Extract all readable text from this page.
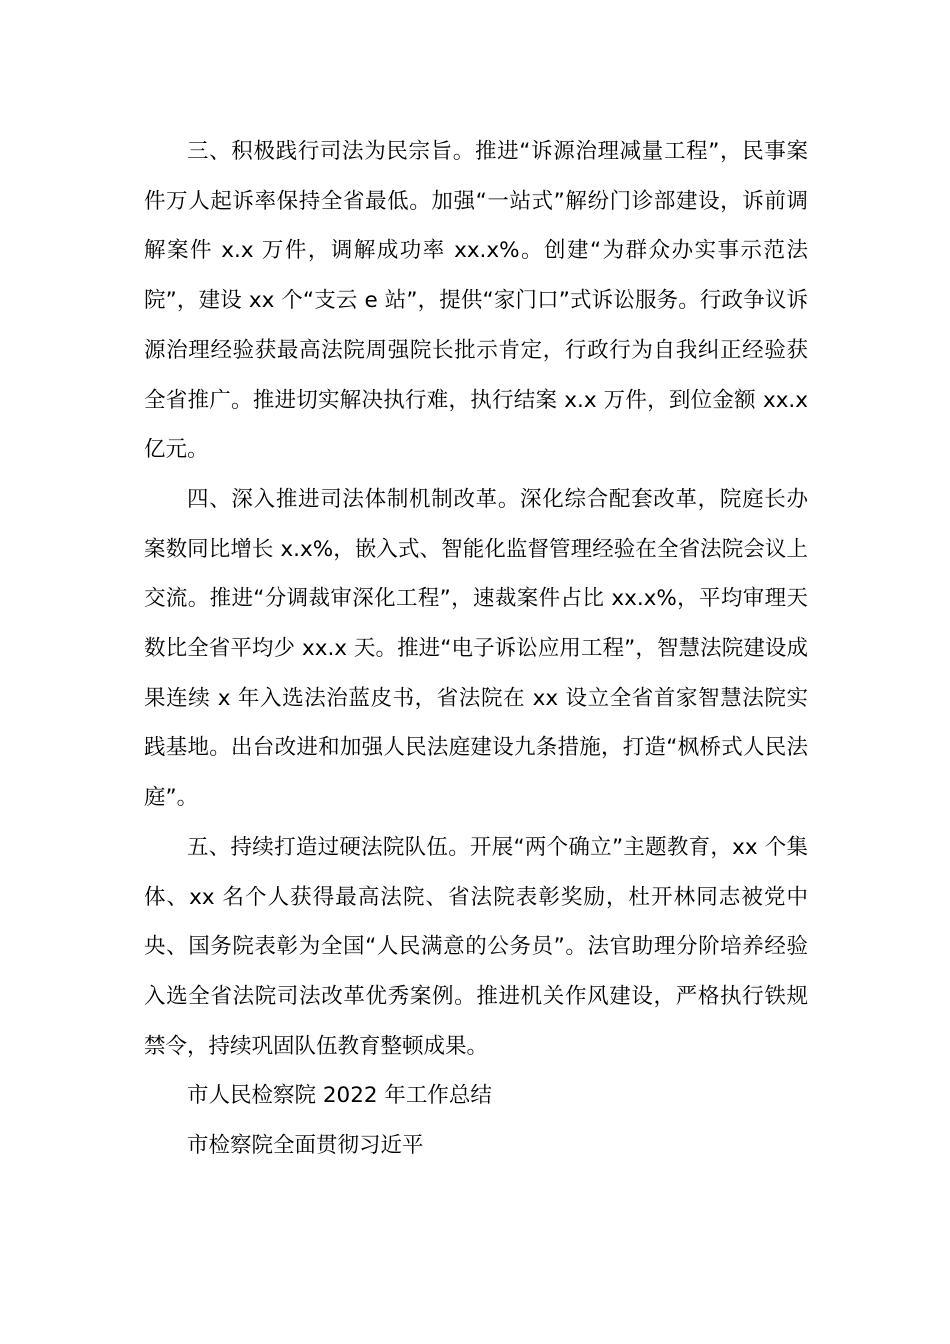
三、积极践行司法为民宗旨。推进“诉源治理减量工程”，民事案件万人起诉率保持全省最低。加强“一站式”解纷门诊部建设，诉前调解案件 x.x 万件，调解成功率 xx.x%。创建“为群众办实事示范法院”，建设 xx 个“支云 e 站”，提供“家门口”式诉讼服务。行政争议诉源治理经验获最高法院周强院长批示肯定，行政行为自我纠正经验获全省推广。推进切实解决执行难，执行结案 x.x 万件，到位金额 xx.x 亿元。

四、深入推进司法体制机制改革。深化综合配套改革，院庭长办案数同比增长 x.x%，嵌入式、智能化监督管理经验在全省法院会议上交流。推进“分调裁审深化工程”，速裁案件占比 xx.x%，平均审理天数比全省平均少 xx.x 天。推进“电子诉讼应用工程”，智慧法院建设成果连续 x 年入选法治蓝皮书，省法院在 xx 设立全省首家智慧法院实践基地。出台改进和加强人民法庭建设九条措施，打造“枫桥式人民法庭”。

五、持续打造过硬法院队伍。开展“两个确立”主题教育，xx 个集体、xx 名个人获得最高法院、省法院表彰奖励，杜开林同志被党中央、国务院表彰为全国“人民满意的公务员”。法官助理分阶培养经验入选全省法院司法改革优秀案例。推进机关作风建设，严格执行铁规禁令，持续巩固队伍教育整顿成果。

市人民检察院 2022 年工作总结

市检察院全面贯彻习近平
